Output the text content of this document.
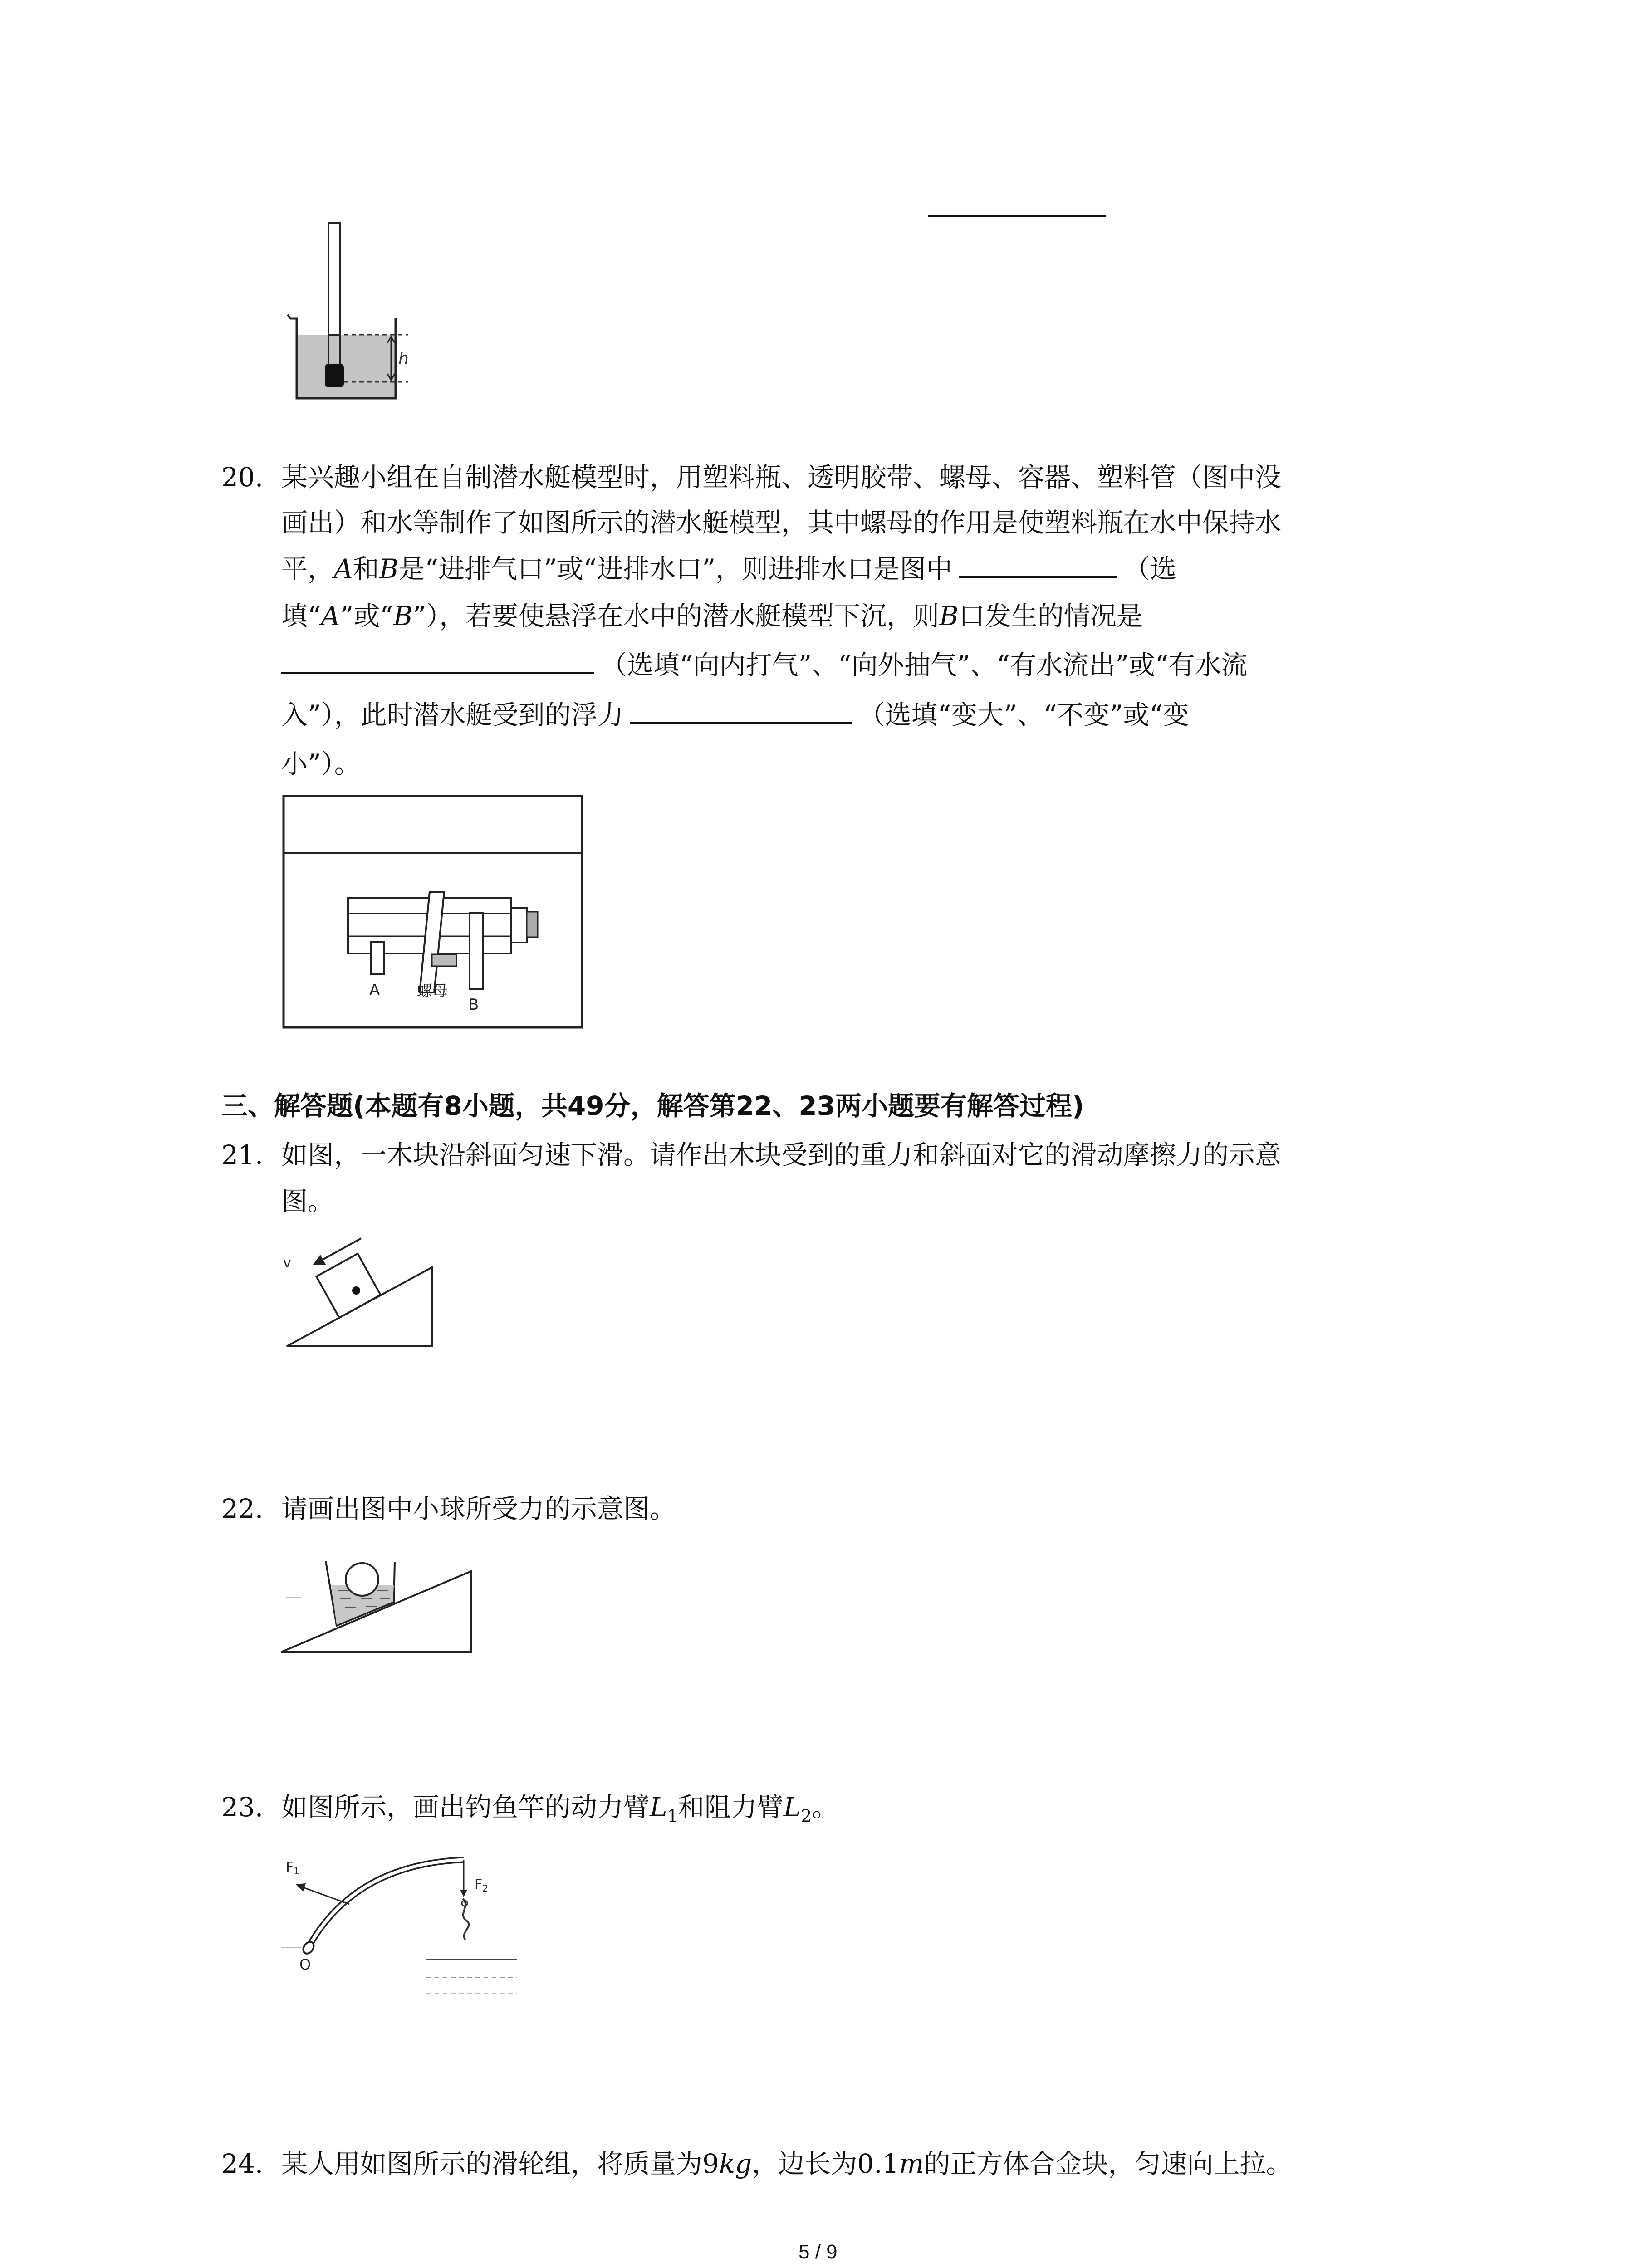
h
20. 某兴趣小组在自制潜水艇模型时，用塑料瓶、透明胶带、螺母、容器、塑料管（图中没
画出）和水等制作了如图所示的潜水艇模型，其中螺母的作用是使塑料瓶在水中保持水
平，A和B是“进排气口”或“进排水口”，则进排水口是图中	（选
填“A”或“B”），若要使悬浮在水中的潜水艇模型下沉，则B口发生的情况是
（选填“向内打气”、“向外抽气”、“有水流出”或“有水流
入”），此时潜水艇受到的浮力	（选填“变大”、“不变”或“变
小”）。
A 螺母
B
三、解答题(本题有8小题，共49分，解答第22、23两小题要有解答过程)
21. 如图，一木块沿斜面匀速下滑。请作出木块受到的重力和斜面对它的滑动摩擦力的示意
图。
v
22. 请画出图中小球所受力的示意图。
23. 如图所示，画出钓鱼竿的动力臂$L_1$和阻力臂$L_2$。
$F_1$
$F_2$
O
24. 某人用如图所示的滑轮组，将质量为9kg，边长为0.1m的正方体合金块，匀速向上拉。
5 / 9
